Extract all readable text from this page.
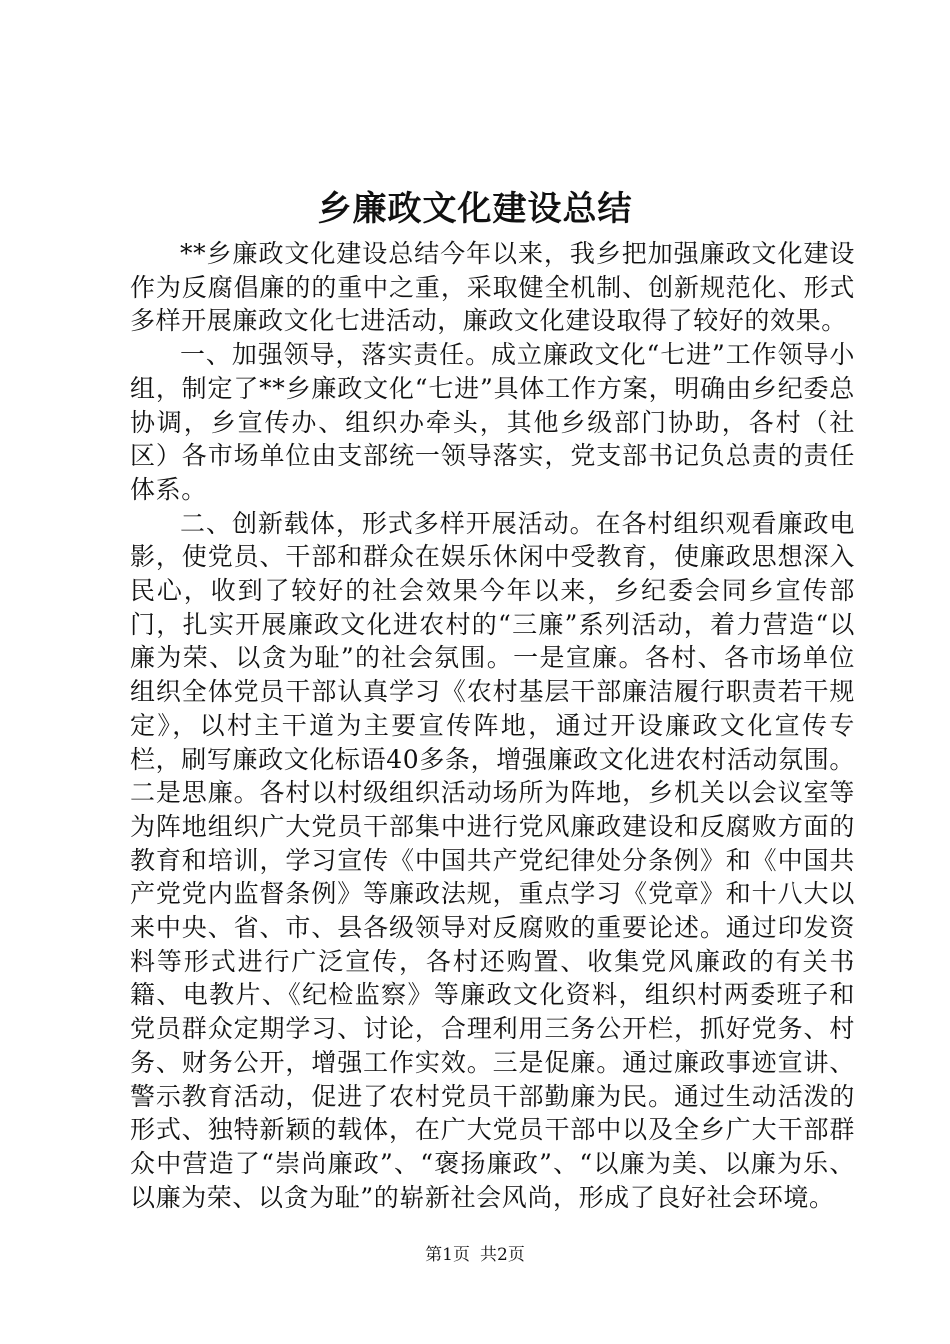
乡廉政文化建设总结

**乡廉政文化建设总结今年以来，我乡把加强廉政文化建设作为反腐倡廉的的重中之重，采取健全机制、创新规范化、形式多样开展廉政文化七进活动，廉政文化建设取得了较好的效果。

一、加强领导，落实责任。成立廉政文化“七进”工作领导小组，制定了**乡廉政文化“七进”具体工作方案，明确由乡纪委总协调，乡宣传办、组织办牵头，其他乡级部门协助，各村（社区）各市场单位由支部统一领导落实，党支部书记负总责的责任体系。

二、创新载体，形式多样开展活动。在各村组织观看廉政电影，使党员、干部和群众在娱乐休闲中受教育，使廉政思想深入民心，收到了较好的社会效果今年以来，乡纪委会同乡宣传部门，扎实开展廉政文化进农村的“三廉”系列活动，着力营造“以廉为荣、以贪为耻”的社会氛围。一是宣廉。各村、各市场单位组织全体党员干部认真学习《农村基层干部廉洁履行职责若干规定》，以村主干道为主要宣传阵地，通过开设廉政文化宣传专栏，刷写廉政文化标语40多条，增强廉政文化进农村活动氛围。二是思廉。各村以村级组织活动场所为阵地，乡机关以会议室等为阵地组织广大党员干部集中进行党风廉政建设和反腐败方面的教育和培训，学习宣传《中国共产党纪律处分条例》和《中国共产党党内监督条例》等廉政法规，重点学习《党章》和十八大以来中央、省、市、县各级领导对反腐败的重要论述。通过印发资料等形式进行广泛宣传，各村还购置、收集党风廉政的有关书籍、电教片、《纪检监察》等廉政文化资料，组织村两委班子和党员群众定期学习、讨论，合理利用三务公开栏，抓好党务、村务、财务公开，增强工作实效。三是促廉。通过廉政事迹宣讲、警示教育活动，促进了农村党员干部勤廉为民。通过生动活泼的形式、独特新颖的载体，在广大党员干部中以及全乡广大干部群众中营造了“崇尚廉政”、“褒扬廉政”、“以廉为美、以廉为乐、以廉为荣、以贪为耻”的崭新社会风尚，形成了良好社会环境。

第1页 共2页
